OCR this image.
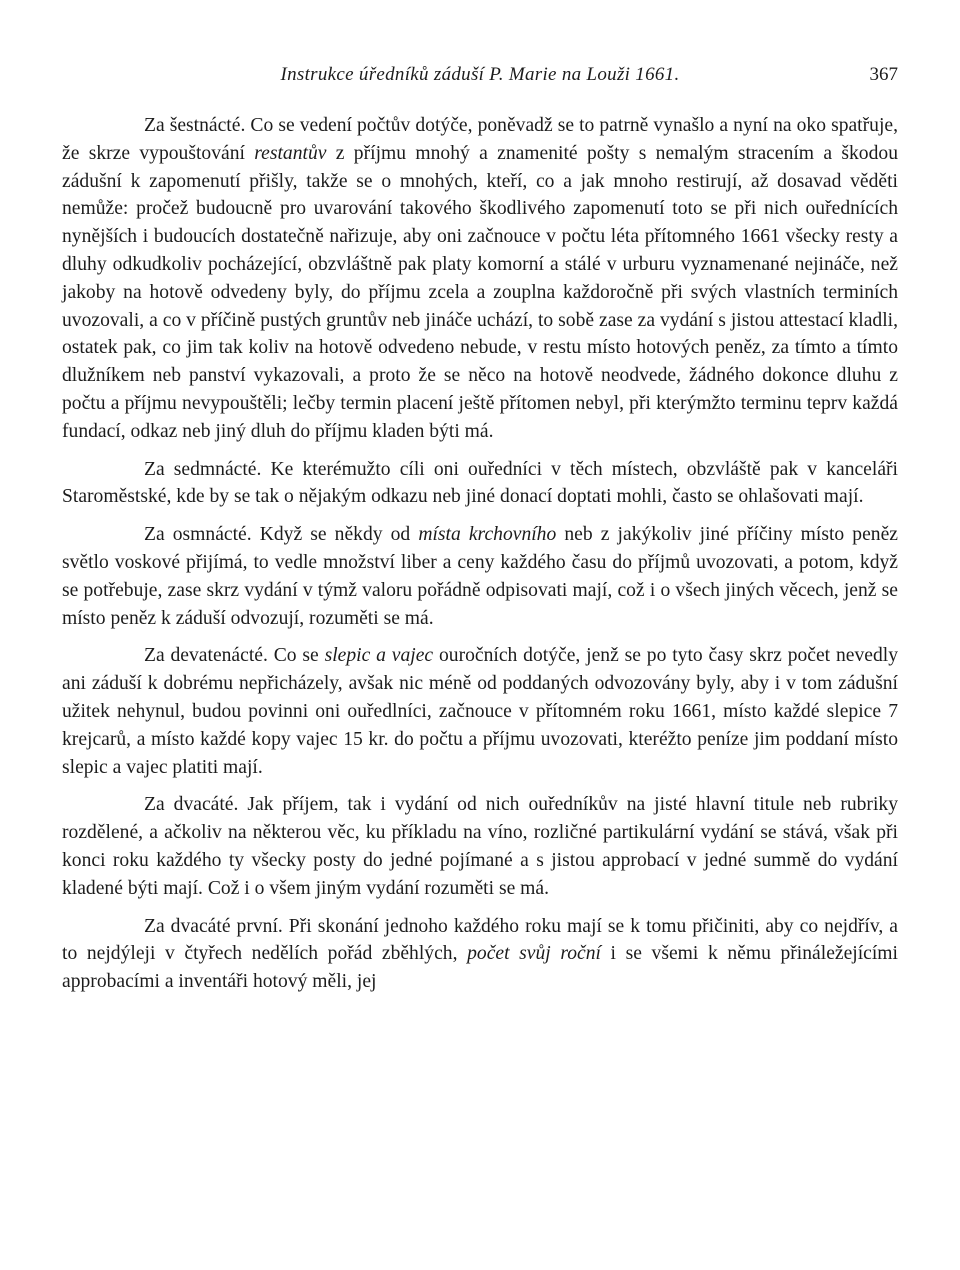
Instrukce úředníků záduší P. Marie na Louži 1661.	367

Za šestnácté. Co se vedení počtův dotýče, poněvadž se to patrně vynašlo a nyní na oko spatřuje, že skrze vypouštování restantův z příjmu mnohý a znamenité pošty s nemalým stracením a škodou zádušní k zapomenutí přišly, takže se o mnohých, kteří, co a jak mnoho restirují, až dosavad věděti nemůže: pročež budoucně pro uvarování takového škodlivého zapomenutí toto se při nich ouřednících nynějších i budoucích dostatečně nařizuje, aby oni začnouce v počtu léta přítomného 1661 všecky resty a dluhy odkudkoliv pocházející, obzvláštně pak platy komorní a stálé v urburu vyznamenané nejináče, než jakoby na hotově odvedeny byly, do příjmu zcela a zouplna každoročně při svých vlastních terminích uvozovali, a co v příčině pustých gruntův neb jináče uchází, to sobě zase za vydání s jistou attestací kladli, ostatek pak, co jim tak koliv na hotově odvedeno nebude, v restu místo hotových peněz, za tímto a tímto dlužníkem neb panství vykazovali, a proto že se něco na hotově neodvede, žádného dokonce dluhu z počtu a příjmu nevypouštěli; lečby termin placení ještě přítomen nebyl, při kterýmžto terminu teprv každá fundací, odkaz neb jiný dluh do příjmu kladen býti má.

Za sedmnácté. Ke kterémužto cíli oni ouředníci v těch místech, obzvláště pak v kanceláři Staroměstské, kde by se tak o nějakým odkazu neb jiné donací doptati mohli, často se ohlašovati mají.

Za osmnácté. Když se někdy od místa krchovního neb z jakýkoliv jiné příčiny místo peněz světlo voskové přijímá, to vedle množství liber a ceny každého času do příjmů uvozovati, a potom, když se potřebuje, zase skrz vydání v týmž valoru pořádně odpisovati mají, což i o všech jiných věcech, jenž se místo peněz k záduší odvozují, rozuměti se má.

Za devatenácté. Co se slepic a vajec ouročních dotýče, jenž se po tyto časy skrz počet nevedly ani záduší k dobrému nepřicházely, avšak nic méně od poddaných odvozovány byly, aby i v tom zádušní užitek nehynul, budou povinni oni ouředlníci, začnouce v přítomném roku 1661, místo každé slepice 7 krejcarů, a místo každé kopy vajec 15 kr. do počtu a příjmu uvozovati, kteréžto peníze jim poddaní místo slepic a vajec platiti mají.

Za dvacáté. Jak příjem, tak i vydání od nich ouředníkův na jisté hlavní titule neb rubriky rozdělené, a ačkoliv na některou věc, ku příkladu na víno, rozličné partikulární vydání se stává, však při konci roku každého ty všecky posty do jedné pojímané a s jistou approbací v jedné summě do vydání kladené býti mají. Což i o všem jiným vydání rozuměti se má.

Za dvacáté první. Při skonání jednoho každého roku mají se k tomu přičiniti, aby co nejdřív, a to nejdýleji v čtyřech nedělích pořád zběhlých, počet svůj roční i se všemi k němu přináležejícími approbacími a inventáři hotový měli, jej
